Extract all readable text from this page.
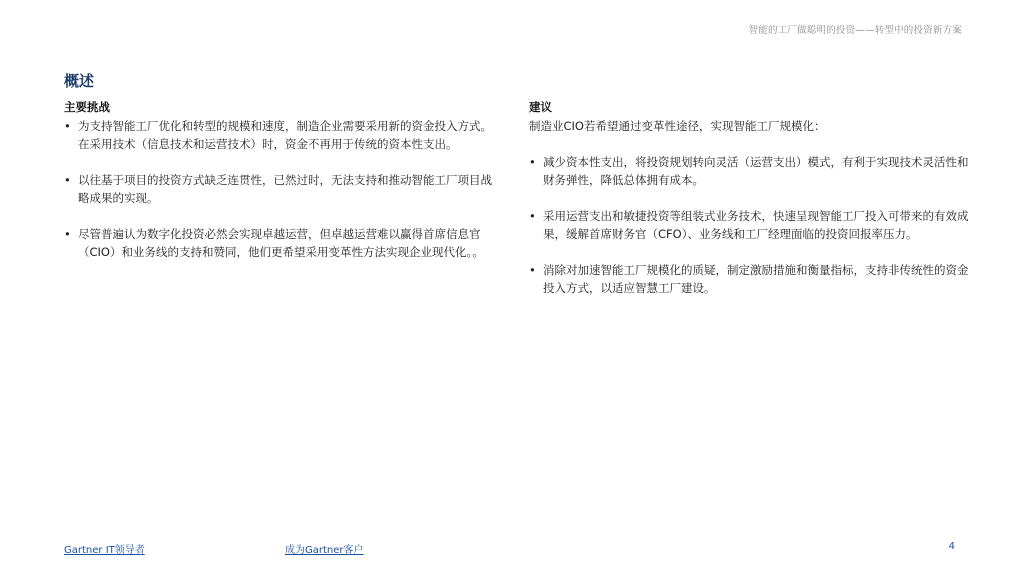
智能的工厂做聪明的投资——转型中的投资新方案
概述
主要挑战
• 为支持智能工厂优化和转型的规模和速度，制造企业需要采用新的资金投入方式。在采用技术（信息技术和运营技术）时，资金不再用于传统的资本性支出。
• 以往基于项目的投资方式缺乏连贯性，已然过时，无法支持和推动智能工厂项目战略成果的实现。
• 尽管普遍认为数字化投资必然会实现卓越运营，但卓越运营难以赢得首席信息官（CIO）和业务线的支持和赞同，他们更希望采用变革性方法实现企业现代化。。
建议
制造业CIO若希望通过变革性途径，实现智能工厂规模化：
• 减少资本性支出，将投资规划转向灵活（运营支出）模式，有利于实现技术灵活性和财务弹性，降低总体拥有成本。
• 采用运营支出和敏捷投资等组装式业务技术，快速呈现智能工厂投入可带来的有效成果，缓解首席财务官（CFO）、业务线和工厂经理面临的投资回报率压力。
• 消除对加速智能工厂规模化的质疑，制定激励措施和衡量指标，支持非传统性的资金投入方式，以适应智慧工厂建设。
Gartner IT领导者	成为Gartner客户	4
